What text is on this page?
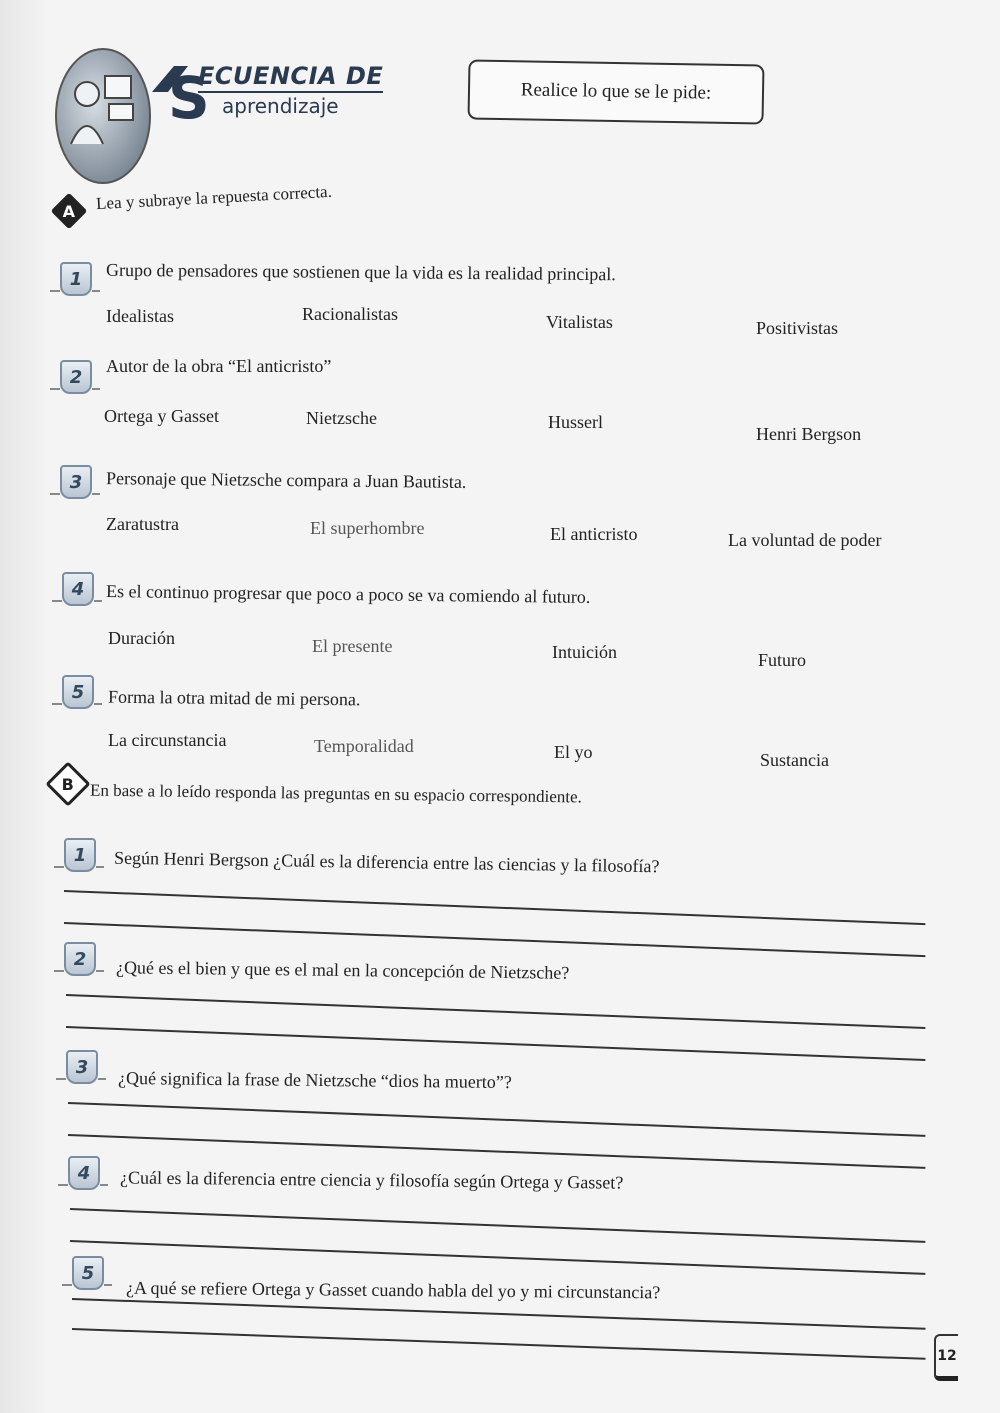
S
ECUENCIA DE
aprendizaje
Realice lo que se le pide:
A Lea y subraye la repuesta correcta.
1	Grupo de pensadores que sostienen que la vida es la realidad principal.
Idealistas	Racionalistas	Vitalistas	Positivistas
2
Autor de la obra “El anticristo”
Ortega y Gasset	Nietzsche	Husserl
Henri Bergson
3	Personaje que Nietzsche compara a Juan Bautista.
Zaratustra	El superhombre	El anticristo	La voluntad de poder
4	Es el continuo progresar que poco a poco se va comiendo al futuro.
Duración	El presente	Intuición	Futuro
5	Forma la otra mitad de mi persona.
La circunstancia	Temporalidad	El yo	Sustancia
B En base a lo leído responda las preguntas en su espacio correspondiente.
1	Según Henri Bergson ¿Cuál es la diferencia entre las ciencias y la filosofía?
2	¿Qué es el bien y que es el mal en la concepción de Nietzsche?
3
¿Qué significa la frase de Nietzsche “dios ha muerto”?
4	¿Cuál es la diferencia entre ciencia y filosofía según Ortega y Gasset?
5
¿A qué se refiere Ortega y Gasset cuando habla del yo y mi circunstancia?
12
